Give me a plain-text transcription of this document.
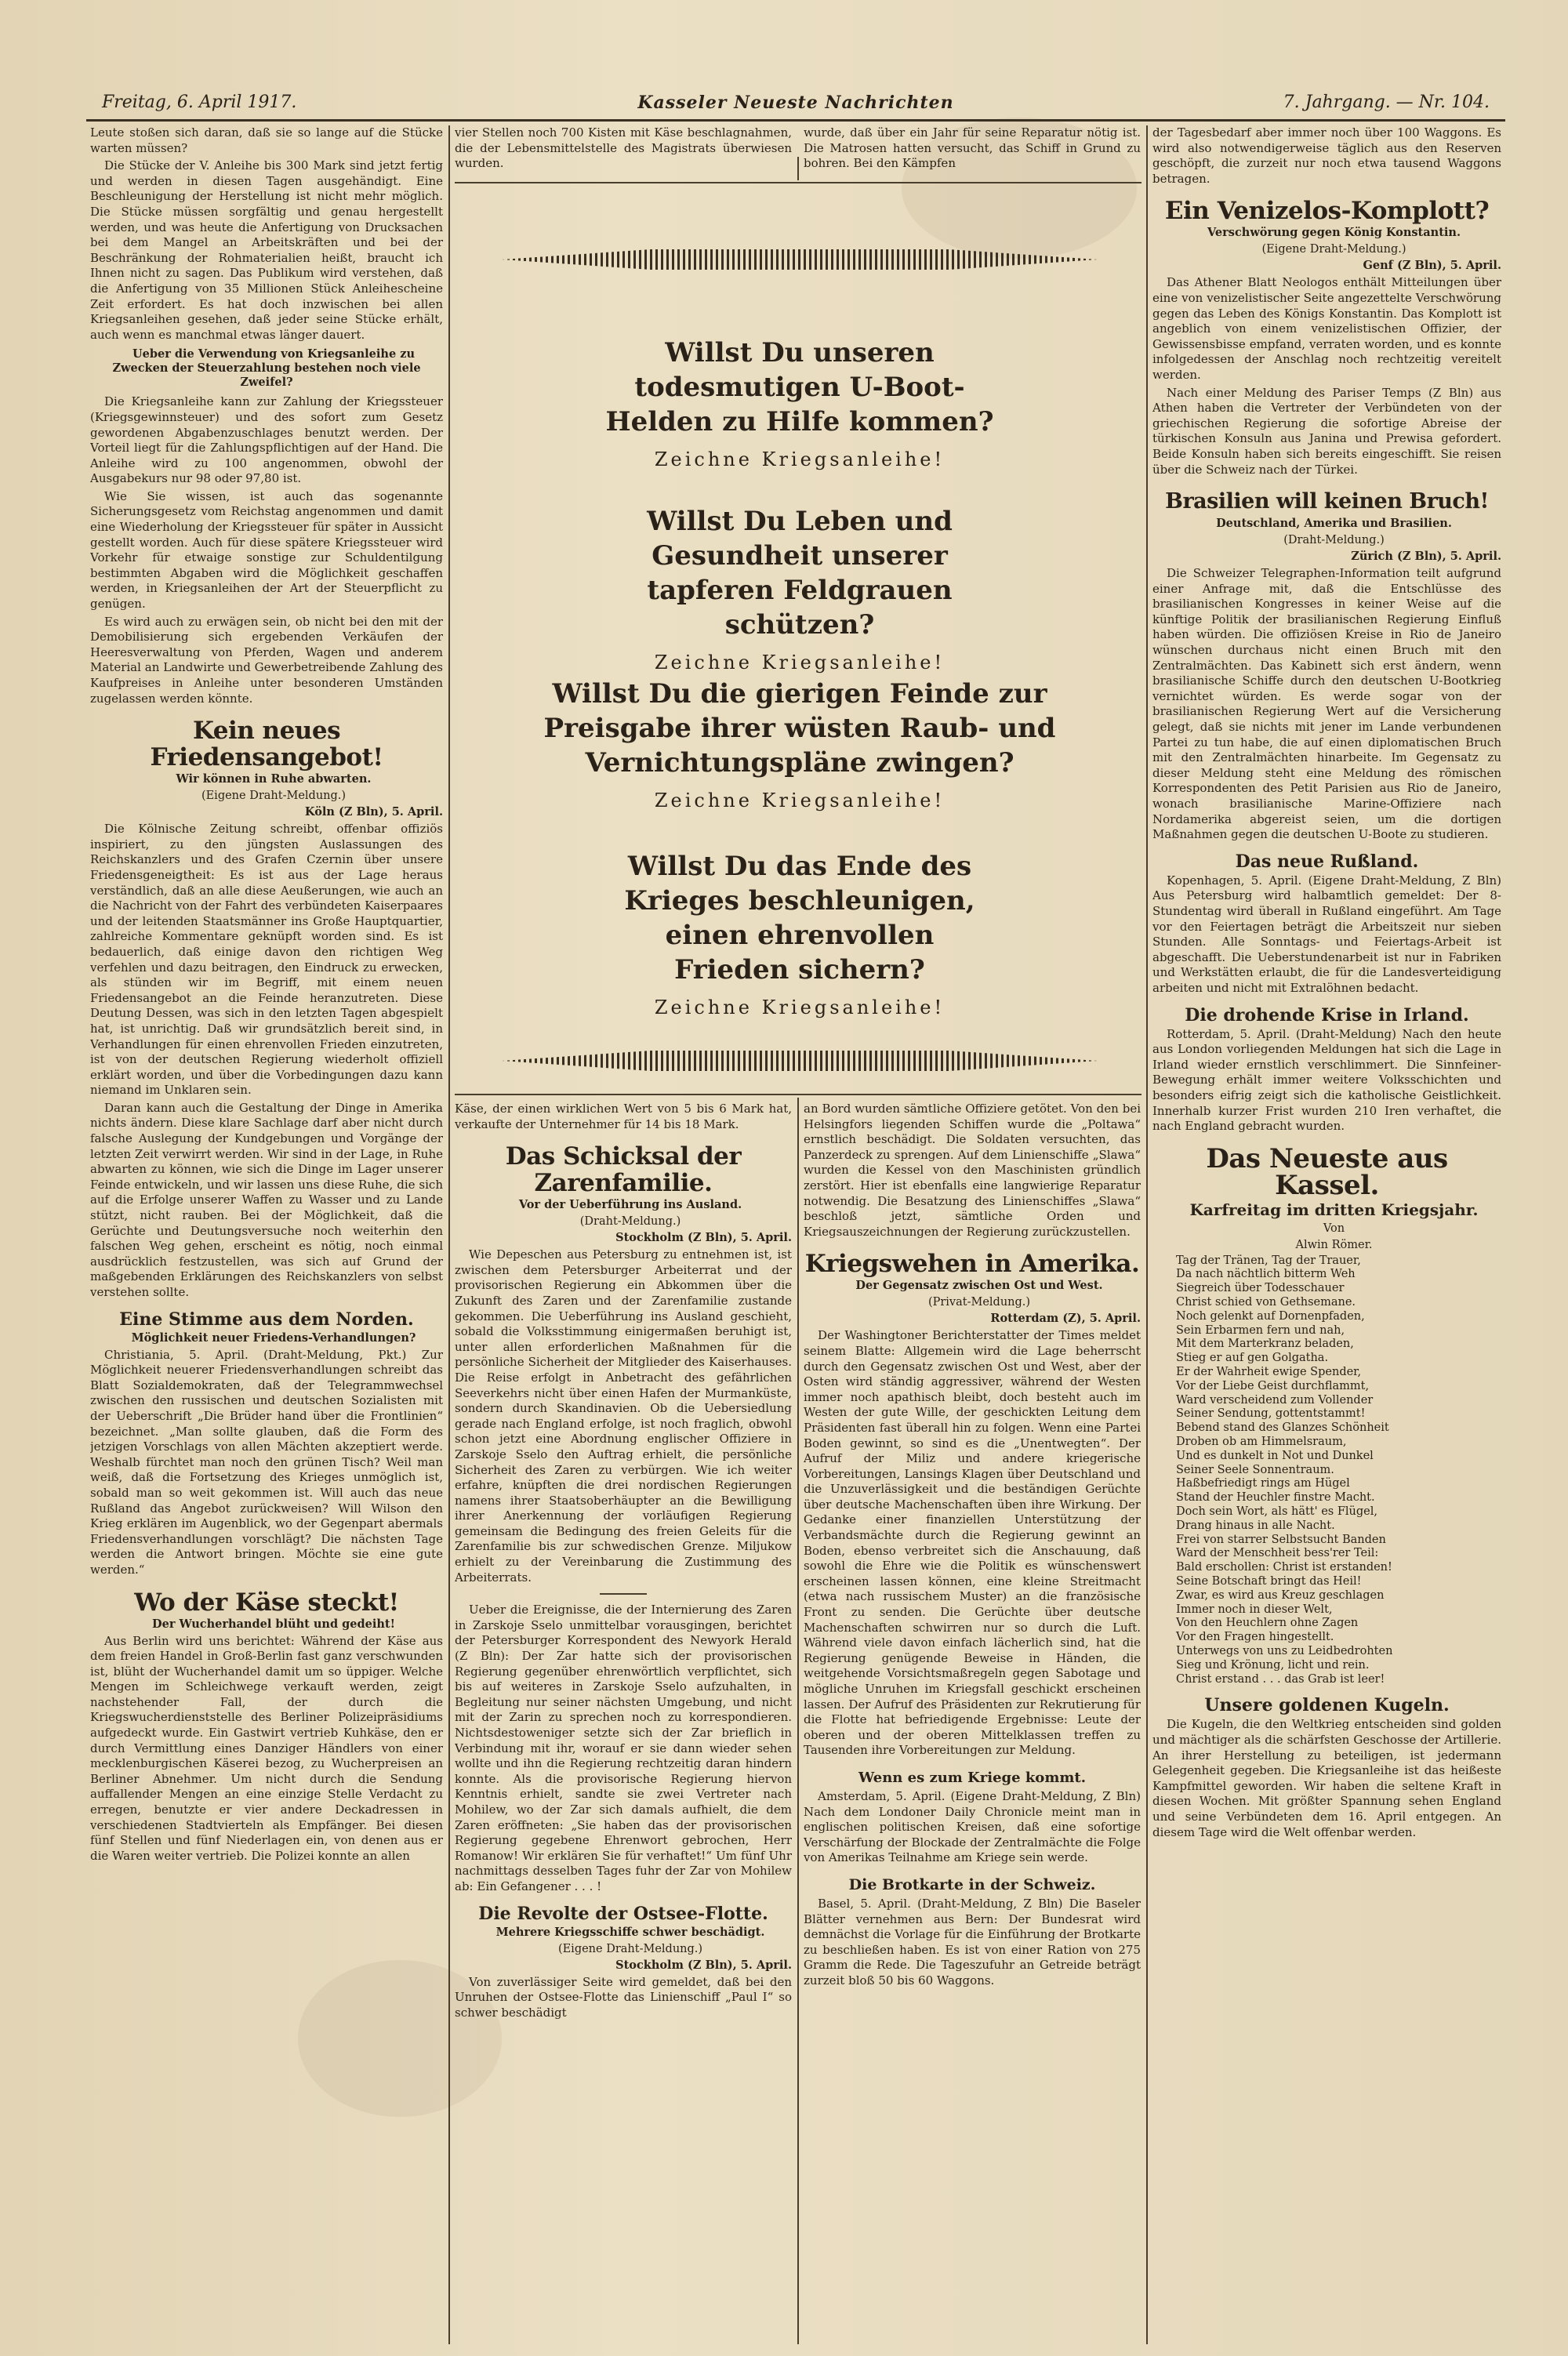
Kasseler Neueste Nachrichten
Freitag, 6. April 1917.	7. Jahrgang. — Nr. 104.

Leute stoßen sich daran, daß sie so lange auf die Stücke warten müssen?

Die Stücke der V. Anleihe bis 300 Mark sind jetzt fertig und werden in diesen Tagen ausgehändigt. Eine Beschleunigung der Herstellung ist nicht mehr möglich. Die Stücke müssen sorgfältig und genau hergestellt werden, und was heute die Anfertigung von Drucksachen bei dem Mangel an Arbeitskräften und bei der Beschränkung der Rohmaterialien heißt, braucht ich Ihnen nicht zu sagen. Das Publikum wird verstehen, daß die Anfertigung von 35 Millionen Stück Anleihescheine Zeit erfordert. Es hat doch inzwischen bei allen Kriegsanleihen gesehen, daß jeder seine Stücke erhält, auch wenn es manchmal etwas länger dauert.

Ueber die Verwendung von Kriegsanleihe zu Zwecken der Steuerzahlung bestehen noch viele Zweifel?

Die Kriegsanleihe kann zur Zahlung der Kriegssteuer (Kriegsgewinnsteuer) und des sofort zum Gesetz gewordenen Abgabenzuschlages benutzt werden. Der Vorteil liegt für die Zahlungspflichtigen auf der Hand. Die Anleihe wird zu 100 angenommen, obwohl der Ausgabekurs nur 98 oder 97,80 ist.

Wie Sie wissen, ist auch das sogenannte Sicherungsgesetz vom Reichstag angenommen und damit eine Wiederholung der Kriegssteuer für später in Aussicht gestellt worden. Auch für diese spätere Kriegssteuer wird Vorkehr für etwaige sonstige zur Schuldentilgung bestimmten Abgaben wird die Möglichkeit geschaffen werden, in Kriegsanleihen der Art der Steuerpflicht zu genügen.

Es wird auch zu erwägen sein, ob nicht bei den mit der Demobilisierung sich ergebenden Verkäufen der Heeresverwaltung von Pferden, Wagen und anderem Material an Landwirte und Gewerbetreibende Zahlung des Kaufpreises in Anleihe unter besonderen Umständen zugelassen werden könnte.

Kein neues Friedensangebot!

Wir können in Ruhe abwarten.

(Eigene Draht-Meldung.)

Köln (Z Bln), 5. April.

Die Kölnische Zeitung schreibt, offenbar offiziös inspiriert, zu den jüngsten Auslassungen des Reichskanzlers und des Grafen Czernin über unsere Friedensgeneigtheit: Es ist aus der Lage heraus verständlich, daß an alle diese Aeußerungen, wie auch an die Nachricht von der Fahrt des verbündeten Kaiserpaares und der leitenden Staatsmänner ins Große Hauptquartier, zahlreiche Kommentare geknüpft worden sind. Es ist bedauerlich, daß einige davon den richtigen Weg verfehlen und dazu beitragen, den Eindruck zu erwecken, als stünden wir im Begriff, mit einem neuen Friedensangebot an die Feinde heranzutreten. Diese Deutung Dessen, was sich in den letzten Tagen abgespielt hat, ist unrichtig. Daß wir grundsätzlich bereit sind, in Verhandlungen für einen ehrenvollen Frieden einzutreten, ist von der deutschen Regierung wiederholt offiziell erklärt worden, und über die Vorbedingungen dazu kann niemand im Unklaren sein.

Daran kann auch die Gestaltung der Dinge in Amerika nichts ändern. Diese klare Sachlage darf aber nicht durch falsche Auslegung der Kundgebungen und Vorgänge der letzten Zeit verwirrt werden. Wir sind in der Lage, in Ruhe abwarten zu können, wie sich die Dinge im Lager unserer Feinde entwickeln, und wir lassen uns diese Ruhe, die sich auf die Erfolge unserer Waffen zu Wasser und zu Lande stützt, nicht rauben. Bei der Möglichkeit, daß die Gerüchte und Deutungsversuche noch weiterhin den falschen Weg gehen, erscheint es nötig, noch einmal ausdrücklich festzustellen, was sich auf Grund der maßgebenden Erklärungen des Reichskanzlers von selbst verstehen sollte.

Eine Stimme aus dem Norden.

Möglichkeit neuer Friedens-Verhandlungen?

Christiania, 5. April. (Draht-Meldung, Pkt.) Zur Möglichkeit neuerer Friedensverhandlungen schreibt das Blatt Sozialdemokraten, daß der Telegrammwechsel zwischen den russischen und deutschen Sozialisten mit der Ueberschrift „Die Brüder hand über die Frontlinien“ bezeichnet. „Man sollte glauben, daß die Form des jetzigen Vorschlags von allen Mächten akzeptiert werde. Weshalb fürchtet man noch den grünen Tisch? Weil man weiß, daß die Fortsetzung des Krieges unmöglich ist, sobald man so weit gekommen ist. Will auch das neue Rußland das Angebot zurückweisen? Will Wilson den Krieg erklären im Augenblick, wo der Gegenpart abermals Friedensverhandlungen vorschlägt? Die nächsten Tage werden die Antwort bringen. Möchte sie eine gute werden.“

Wo der Käse steckt!

Der Wucherhandel blüht und gedeiht!

Aus Berlin wird uns berichtet: Während der Käse aus dem freien Handel in Groß-Berlin fast ganz verschwunden ist, blüht der Wucherhandel damit um so üppiger. Welche Mengen im Schleichwege verkauft werden, zeigt nachstehender Fall, der durch die Kriegswucherdienststelle des Berliner Polizeipräsidiums aufgedeckt wurde. Ein Gastwirt vertrieb Kuhkäse, den er durch Vermittlung eines Danziger Händlers von einer mecklenburgischen Käserei bezog, zu Wucherpreisen an Berliner Abnehmer. Um nicht durch die Sendung auffallender Mengen an eine einzige Stelle Verdacht zu erregen, benutzte er vier andere Deckadressen in verschiedenen Stadtvierteln als Empfänger. Bei diesen fünf Stellen und fünf Niederlagen ein, von denen aus er die Waren weiter vertrieb. Die Polizei konnte an allen

vier Stellen noch 700 Kisten mit Käse beschlagnahmen, die der Lebensmittelstelle des Magistrats überwiesen wurden.

wurde, daß über ein Jahr für seine Reparatur nötig ist. Die Matrosen hatten versucht, das Schiff in Grund zu bohren. Bei den Kämpfen

Willst Du unseren todesmutigen U-Boot-Helden zu Hilfe kommen?
Zeichne Kriegsanleihe!
Willst Du Leben und Gesundheit unserer tapferen Feldgrauen schützen?
Zeichne Kriegsanleihe!
Willst Du die gierigen Feinde zur Preisgabe ihrer wüsten Raub- und Vernichtungspläne zwingen?
Zeichne Kriegsanleihe!
Willst Du das Ende des Krieges beschleunigen, einen ehrenvollen Frieden sichern?
Zeichne Kriegsanleihe!

Käse, der einen wirklichen Wert von 5 bis 6 Mark hat, verkaufte der Unternehmer für 14 bis 18 Mark.

Das Schicksal der Zarenfamilie.

Vor der Ueberführung ins Ausland.

(Draht-Meldung.)

Stockholm (Z Bln), 5. April.

Wie Depeschen aus Petersburg zu entnehmen ist, ist zwischen dem Petersburger Arbeiterrat und der provisorischen Regierung ein Abkommen über die Zukunft des Zaren und der Zarenfamilie zustande gekommen. Die Ueberführung ins Ausland geschieht, sobald die Volksstimmung einigermaßen beruhigt ist, unter allen erforderlichen Maßnahmen für die persönliche Sicherheit der Mitglieder des Kaiserhauses. Die Reise erfolgt in Anbetracht des gefährlichen Seeverkehrs nicht über einen Hafen der Murmanküste, sondern durch Skandinavien. Ob die Uebersiedlung gerade nach England erfolge, ist noch fraglich, obwohl schon jetzt eine Abordnung englischer Offiziere in Zarskoje Sselo den Auftrag erhielt, die persönliche Sicherheit des Zaren zu verbürgen. Wie ich weiter erfahre, knüpften die drei nordischen Regierungen namens ihrer Staatsoberhäupter an die Bewilligung ihrer Anerkennung der vorläufigen Regierung gemeinsam die Bedingung des freien Geleits für die Zarenfamilie bis zur schwedischen Grenze. Miljukow erhielt zu der Vereinbarung die Zustimmung des Arbeiterrats.

Ueber die Ereignisse, die der Internierung des Zaren in Zarskoje Sselo unmittelbar vorausgingen, berichtet der Petersburger Korrespondent des Newyork Herald (Z Bln): Der Zar hatte sich der provisorischen Regierung gegenüber ehrenwörtlich verpflichtet, sich bis auf weiteres in Zarskoje Sselo aufzuhalten, in Begleitung nur seiner nächsten Umgebung, und nicht mit der Zarin zu sprechen noch zu korrespondieren. Nichtsdestoweniger setzte sich der Zar brieflich in Verbindung mit ihr, worauf er sie dann wieder sehen wollte und ihn die Regierung rechtzeitig daran hindern konnte. Als die provisorische Regierung hiervon Kenntnis erhielt, sandte sie zwei Vertreter nach Mohilew, wo der Zar sich damals aufhielt, die dem Zaren eröffneten: „Sie haben das der provisorischen Regierung gegebene Ehrenwort gebrochen, Herr Romanow! Wir erklären Sie für verhaftet!“ Um fünf Uhr nachmittags desselben Tages fuhr der Zar von Mohilew ab: Ein Gefangener . . . !

Die Revolte der Ostsee-Flotte.

Mehrere Kriegsschiffe schwer beschädigt.

(Eigene Draht-Meldung.)

Stockholm (Z Bln), 5. April.

Von zuverlässiger Seite wird gemeldet, daß bei den Unruhen der Ostsee-Flotte das Linienschiff „Paul I“ so schwer beschädigt

an Bord wurden sämtliche Offiziere getötet. Von den bei Helsingfors liegenden Schiffen wurde die „Poltawa“ ernstlich beschädigt. Die Soldaten versuchten, das Panzerdeck zu sprengen. Auf dem Linienschiffe „Slawa“ wurden die Kessel von den Maschinisten gründlich zerstört. Hier ist ebenfalls eine langwierige Reparatur notwendig. Die Besatzung des Linienschiffes „Slawa“ beschloß jetzt, sämtliche Orden und Kriegsauszeichnungen der Regierung zurückzustellen.

Kriegswehen in Amerika.

Der Gegensatz zwischen Ost und West.

(Privat-Meldung.)

Rotterdam (Z), 5. April.

Der Washingtoner Berichterstatter der Times meldet seinem Blatte: Allgemein wird die Lage beherrscht durch den Gegensatz zwischen Ost und West, aber der Osten wird ständig aggressiver, während der Westen immer noch apathisch bleibt, doch besteht auch im Westen der gute Wille, der geschickten Leitung dem Präsidenten fast überall hin zu folgen. Wenn eine Partei Boden gewinnt, so sind es die „Unentwegten“. Der Aufruf der Miliz und andere kriegerische Vorbereitungen, Lansings Klagen über Deutschland und die Unzuverlässigkeit und die beständigen Gerüchte über deutsche Machenschaften üben ihre Wirkung. Der Gedanke einer finanziellen Unterstützung der Verbandsmächte durch die Regierung gewinnt an Boden, ebenso verbreitet sich die Anschauung, daß sowohl die Ehre wie die Politik es wünschenswert erscheinen lassen können, eine kleine Streitmacht (etwa nach russischem Muster) an die französische Front zu senden. Die Gerüchte über deutsche Machenschaften schwirren nur so durch die Luft. Während viele davon einfach lächerlich sind, hat die Regierung genügende Beweise in Händen, die weitgehende Vorsichtsmaßregeln gegen Sabotage und mögliche Unruhen im Kriegsfall geschickt erscheinen lassen. Der Aufruf des Präsidenten zur Rekrutierung für die Flotte hat befriedigende Ergebnisse: Leute der oberen und der oberen Mittelklassen treffen zu Tausenden ihre Vorbereitungen zur Meldung.

Wenn es zum Kriege kommt.

Amsterdam, 5. April. (Eigene Draht-Meldung, Z Bln) Nach dem Londoner Daily Chronicle meint man in englischen politischen Kreisen, daß eine sofortige Verschärfung der Blockade der Zentralmächte die Folge von Amerikas Teilnahme am Kriege sein werde.

Die Brotkarte in der Schweiz.

Basel, 5. April. (Draht-Meldung, Z Bln) Die Baseler Blätter vernehmen aus Bern: Der Bundesrat wird demnächst die Vorlage für die Einführung der Brotkarte zu beschließen haben. Es ist von einer Ration von 275 Gramm die Rede. Die Tageszufuhr an Getreide beträgt zurzeit bloß 50 bis 60 Waggons.

der Tagesbedarf aber immer noch über 100 Waggons. Es wird also notwendigerweise täglich aus den Reserven geschöpft, die zurzeit nur noch etwa tausend Waggons betragen.

Ein Venizelos-Komplott?

Verschwörung gegen König Konstantin.

(Eigene Draht-Meldung.)

Genf (Z Bln), 5. April.

Das Athener Blatt Neologos enthält Mitteilungen über eine von venizelistischer Seite angezettelte Verschwörung gegen das Leben des Königs Konstantin. Das Komplott ist angeblich von einem venizelistischen Offizier, der Gewissensbisse empfand, verraten worden, und es konnte infolgedessen der Anschlag noch rechtzeitig vereitelt werden.

Nach einer Meldung des Pariser Temps (Z Bln) aus Athen haben die Vertreter der Verbündeten von der griechischen Regierung die sofortige Abreise der türkischen Konsuln aus Janina und Prewisa gefordert. Beide Konsuln haben sich bereits eingeschifft. Sie reisen über die Schweiz nach der Türkei.

Brasilien will keinen Bruch!

Deutschland, Amerika und Brasilien.

(Draht-Meldung.)

Zürich (Z Bln), 5. April.

Die Schweizer Telegraphen-Information teilt aufgrund einer Anfrage mit, daß die Entschlüsse des brasilianischen Kongresses in keiner Weise auf die künftige Politik der brasilianischen Regierung Einfluß haben würden. Die offiziösen Kreise in Rio de Janeiro wünschen durchaus nicht einen Bruch mit den Zentralmächten. Das Kabinett sich erst ändern, wenn brasilianische Schiffe durch den deutschen U-Bootkrieg vernichtet würden. Es werde sogar von der brasilianischen Regierung Wert auf die Versicherung gelegt, daß sie nichts mit jener im Lande verbundenen Partei zu tun habe, die auf einen diplomatischen Bruch mit den Zentralmächten hinarbeite. Im Gegensatz zu dieser Meldung steht eine Meldung des römischen Korrespondenten des Petit Parisien aus Rio de Janeiro, wonach brasilianische Marine-Offiziere nach Nordamerika abgereist seien, um die dortigen Maßnahmen gegen die deutschen U-Boote zu studieren.

Das neue Rußland.

Kopenhagen, 5. April. (Eigene Draht-Meldung, Z Bln) Aus Petersburg wird halbamtlich gemeldet: Der 8-Stundentag wird überall in Rußland eingeführt. Am Tage vor den Feiertagen beträgt die Arbeitszeit nur sieben Stunden. Alle Sonntags- und Feiertags-Arbeit ist abgeschafft. Die Ueberstundenarbeit ist nur in Fabriken und Werkstätten erlaubt, die für die Landesverteidigung arbeiten und nicht mit Extralöhnen bedacht.

Die drohende Krise in Irland.

Rotterdam, 5. April. (Draht-Meldung) Nach den heute aus London vorliegenden Meldungen hat sich die Lage in Irland wieder ernstlich verschlimmert. Die Sinnfeiner-Bewegung erhält immer weitere Volksschichten und besonders eifrig zeigt sich die katholische Geistlichkeit. Innerhalb kurzer Frist wurden 210 Iren verhaftet, die nach England gebracht wurden.

Das Neueste aus Kassel.

Karfreitag im dritten Kriegsjahr.

Von

Alwin Römer.

Tag der Tränen, Tag der Trauer,
Da nach nächtlich bitterm Weh
Siegreich über Todesschauer
Christ schied von Gethsemane.
Noch gelenkt auf Dornenpfaden,
Sein Erbarmen fern und nah,
Mit dem Marterkranz beladen,
Stieg er auf gen Golgatha.
Er der Wahrheit ewige Spender,
Vor der Liebe Geist durchflammt,
Ward verscheidend zum Vollender
Seiner Sendung, gottentstammt!
Bebend stand des Glanzes Schönheit
Droben ob am Himmelsraum,
Und es dunkelt in Not und Dunkel
Seiner Seele Sonnentraum.
Haßbefriedigt rings am Hügel
Stand der Heuchler finstre Macht.
Doch sein Wort, als hätt' es Flügel,
Drang hinaus in alle Nacht.
Frei von starrer Selbstsucht Banden
Ward der Menschheit bess'rer Teil:
Bald erschollen: Christ ist erstanden!
Seine Botschaft bringt das Heil!
Zwar, es wird aus Kreuz geschlagen
Immer noch in dieser Welt,
Von den Heuchlern ohne Zagen
Vor den Fragen hingestellt.
Unterwegs von uns zu Leidbedrohten
Sieg und Krönung, licht und rein.
Christ erstand . . . das Grab ist leer!
Unsere goldenen Kugeln.

Die Kugeln, die den Weltkrieg entscheiden sind golden und mächtiger als die schärfsten Geschosse der Artillerie. An ihrer Herstellung zu beteiligen, ist jedermann Gelegenheit gegeben. Die Kriegsanleihe ist das heißeste Kampfmittel geworden. Wir haben die seltene Kraft in diesen Wochen. Mit größter Spannung sehen England und seine Verbündeten dem 16. April entgegen. An diesem Tage wird die Welt offenbar werden.
